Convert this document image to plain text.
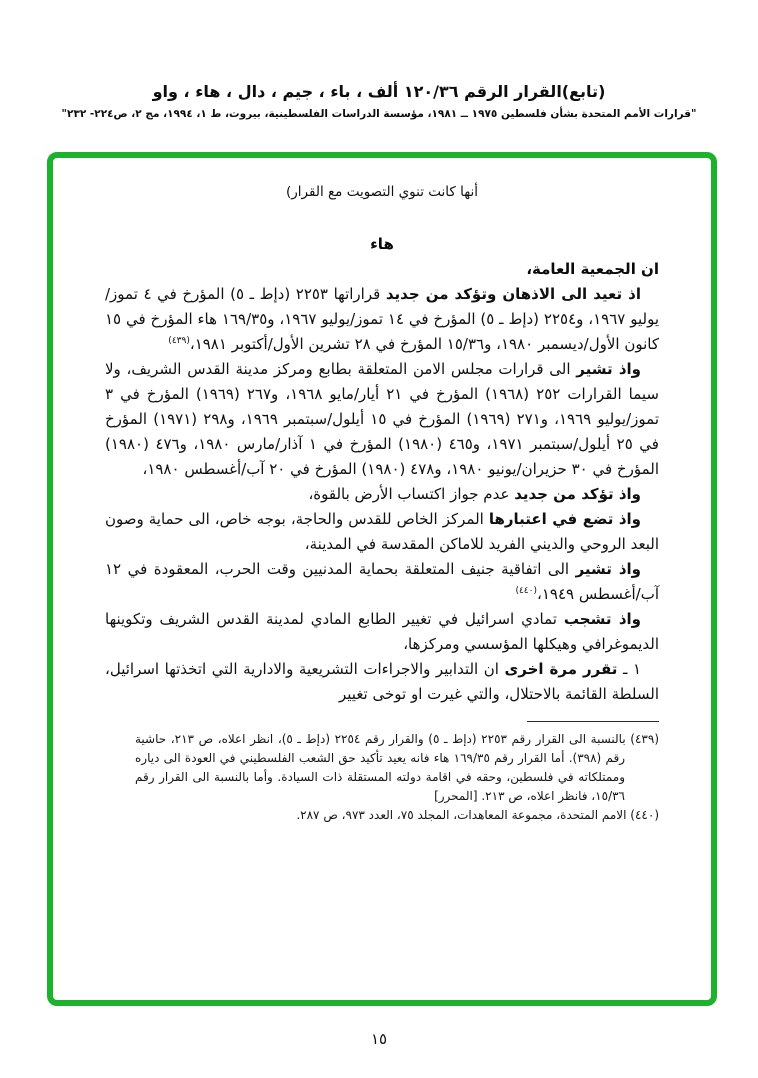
(تابع)القرار الرقم ١٢٠/٣٦ ألف ، باء ، جيم ، دال ، هاء ، واو
"قرارات الأمم المتحدة بشأن فلسطين ١٩٧٥ ــ ١٩٨١، مؤسسة الدراسات الفلسطينية، بيروت، ط ١، ١٩٩٤، مج ٢، ص٢٢٤- ٢٣٢"
أنها كانت تنوي التصويت مع القرار)
هاء
ان الجمعية العامة،

اذ تعيد الى الاذهان وتؤكد من جديد قراراتها ٢٢٥٣ (دإط ـ ٥) المؤرخ في ٤ تموز/يوليو ١٩٦٧، و٢٢٥٤ (دإط ـ ٥) المؤرخ في ١٤ تموز/يوليو ١٩٦٧، و١٦٩/٣٥ هاء المؤرخ في ١٥ كانون الأول/ديسمبر ١٩٨٠، و١٥/٣٦ المؤرخ في ٢٨ تشرين الأول/أكتوبر ١٩٨١،$^{(٤٣٩)}$

واذ تشير الى قرارات مجلس الامن المتعلقة بطابع ومركز مدينة القدس الشريف، ولا سيما القرارات ٢٥٢ (١٩٦٨) المؤرخ في ٢١ أيار/مايو ١٩٦٨، و٢٦٧ (١٩٦٩) المؤرخ في ٣ تموز/يوليو ١٩٦٩، و٢٧١ (١٩٦٩) المؤرخ في ١٥ أيلول/سبتمبر ١٩٦٩، و٢٩٨ (١٩٧١) المؤرخ في ٢٥ أيلول/سبتمبر ١٩٧١، و٤٦٥ (١٩٨٠) المؤرخ في ١ آذار/مارس ١٩٨٠، و٤٧٦ (١٩٨٠) المؤرخ في ٣٠ حزيران/يونيو ١٩٨٠، و٤٧٨ (١٩٨٠) المؤرخ في ٢٠ آب/أغسطس ١٩٨٠،

واذ تؤكد من جديد عدم جواز اكتساب الأرض بالقوة،

واذ تضع في اعتبارها المركز الخاص للقدس والحاجة، بوجه خاص، الى حماية وصون البعد الروحي والديني الفريد للاماكن المقدسة في المدينة،

واذ تشير الى اتفاقية جنيف المتعلقة بحماية المدنيين وقت الحرب، المعقودة في ١٢ آب/أغسطس ١٩٤٩،$^{(٤٤٠)}$

واذ تشجب تمادي اسرائيل في تغيير الطابع المادي لمدينة القدس الشريف وتكوينها الديموغرافي وهيكلها المؤسسي ومركزها،

١ ـ تقرر مرة اخرى ان التدابير والاجراءات التشريعية والادارية التي اتخذتها اسرائيل، السلطة القائمة بالاحتلال، والتي غيرت او توخى تغيير

(٤٣٩) بالنسبة الى القرار رقم ٢٢٥٣ (دإط ـ ٥) والقرار رقم ٢٢٥٤ (دإط ـ ٥)، انظر اعلاه، ص ٢١٣، حاشية رقم (٣٩٨). أما القرار رقم ١٦٩/٣٥ هاء فانه يعيد تأكيد حق الشعب الفلسطيني في العودة الى دياره وممتلكاته في فلسطين، وحقه في اقامة دولته المستقلة ذات السيادة. وأما بالنسبة الى القرار رقم ١٥/٣٦، فانظر اعلاه، ص ٢١٣. [المحرر]

(٤٤٠) الامم المتحدة، مجموعة المعاهدات، المجلد ٧٥، العدد ٩٧٣، ص ٢٨٧.

١٥
